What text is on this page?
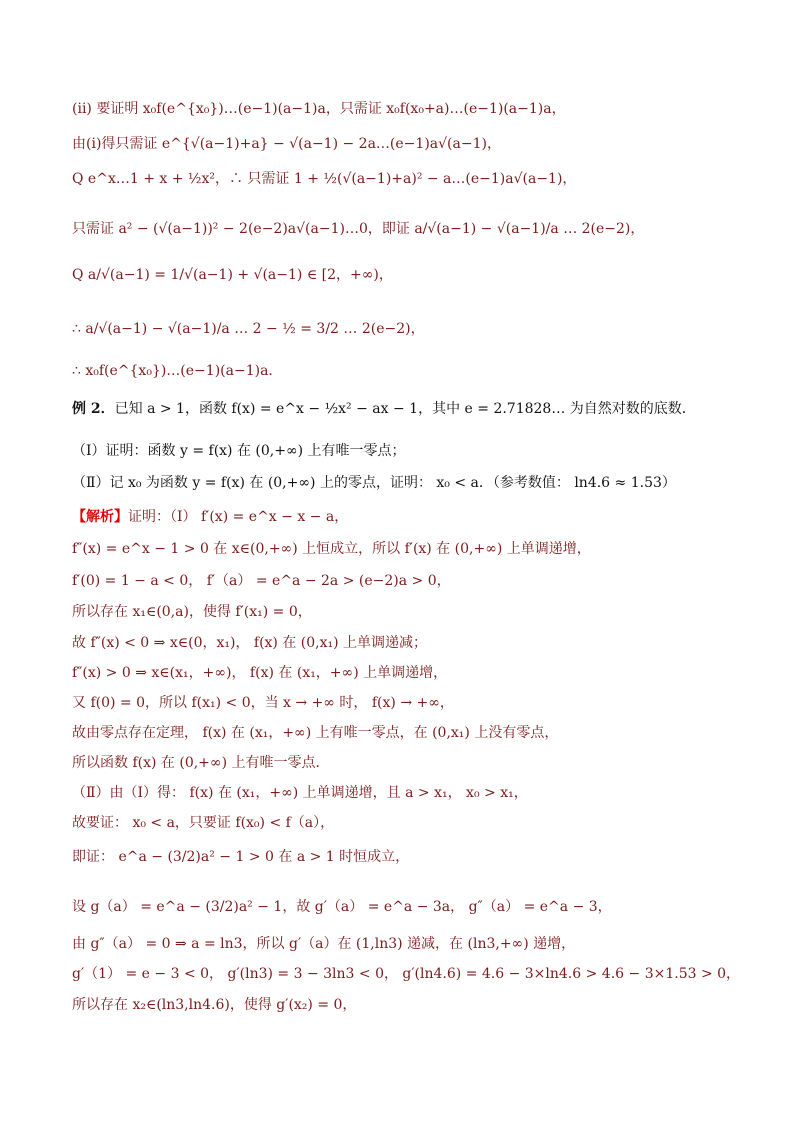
(ii) 要证明 x₀f(e^{x₀})…(e−1)(a−1)a，只需证 x₀f(x₀+a)…(e−1)(a−1)a，
由(i)得只需证 e^{√(a−1)+a} − √(a−1) − 2a…(e−1)a√(a−1)，
Q e^x…1 + x + ½x²，∴ 只需证 1 + ½(√(a−1)+a)² − a…(e−1)a√(a−1)，
只需证 a² − (√(a−1))² − 2(e−2)a√(a−1)…0，即证 a/√(a−1) − √(a−1)/a … 2(e−2)，
Q a/√(a−1) = 1/√(a−1) + √(a−1) ∈ [2，+∞)，
∴ a/√(a−1) − √(a−1)/a … 2 − ½ = 3/2 … 2(e−2)，
∴ x₀f(e^{x₀})…(e−1)(a−1)a．
例 2．已知 a > 1，函数 f(x) = e^x − ½x² − ax − 1，其中 e = 2.71828… 为自然对数的底数．
（Ⅰ）证明：函数 y = f(x) 在 (0,+∞) 上有唯一零点；
（Ⅱ）记 x₀ 为函数 y = f(x) 在 (0,+∞) 上的零点，证明： x₀ < a．（参考数值： ln4.6 ≈ 1.53）
【解析】证明：（Ⅰ） f′(x) = e^x − x − a，
f″(x) = e^x − 1 > 0 在 x∈(0,+∞) 上恒成立，所以 f′(x) 在 (0,+∞) 上单调递增，
f′(0) = 1 − a < 0， f′（a） = e^a − 2a > (e−2)a > 0，
所以存在 x₁∈(0,a)，使得 f′(x₁) = 0，
故 f″(x) < 0 ⇒ x∈(0，x₁)， f(x) 在 (0,x₁) 上单调递减；
f″(x) > 0 ⇒ x∈(x₁，+∞)， f(x) 在 (x₁，+∞) 上单调递增，
又 f(0) = 0，所以 f(x₁) < 0，当 x → +∞ 时， f(x) → +∞，
故由零点存在定理， f(x) 在 (x₁，+∞) 上有唯一零点，在 (0,x₁) 上没有零点，
所以函数 f(x) 在 (0,+∞) 上有唯一零点．
（Ⅱ）由（Ⅰ）得： f(x) 在 (x₁，+∞) 上单调递增，且 a > x₁， x₀ > x₁，
故要证： x₀ < a，只要证 f(x₀) < f（a），
即证： e^a − (3/2)a² − 1 > 0 在 a > 1 时恒成立，
设 g（a） = e^a − (3/2)a² − 1，故 g′（a） = e^a − 3a， g″（a） = e^a − 3，
由 g″（a） = 0 ⇒ a = ln3，所以 g′（a）在 (1,ln3) 递减，在 (ln3,+∞) 递增，
g′（1） = e − 3 < 0， g′(ln3) = 3 − 3ln3 < 0， g′(ln4.6) = 4.6 − 3×ln4.6 > 4.6 − 3×1.53 > 0，
所以存在 x₂∈(ln3,ln4.6)，使得 g′(x₂) = 0，
